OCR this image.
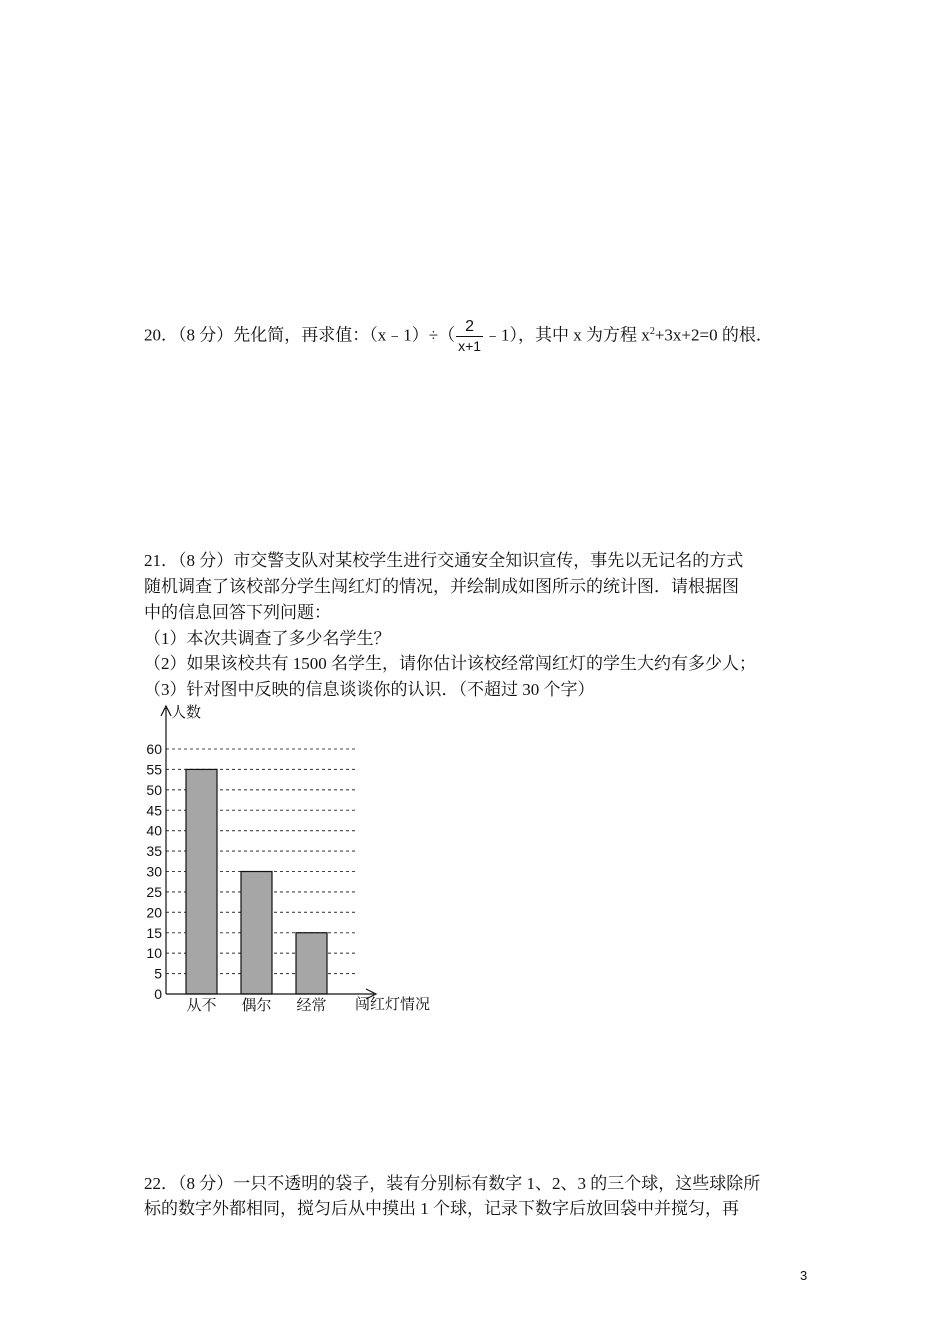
20．（8 分）先化简，再求值：（x﹣1）÷（ $\frac{2}{x+1}$ ﹣1），其中 x 为方程 $x^2+3x+2=0$ 的根．
21．（8 分）市交警支队对某校学生进行交通安全知识宣传，事先以无记名的方式
随机调查了该校部分学生闯红灯的情况，并绘制成如图所示的统计图．请根据图
中的信息回答下列问题：
（1）本次共调查了多少名学生？
（2）如果该校共有 1500 名学生，请你估计该校经常闯红灯的学生大约有多少人；
（3）针对图中反映的信息谈谈你的认识．（不超过 30 个字）
0
5
10
15
20
25
30
35
40
45
50
55
60
从不 偶尔 经常
人数
闯红灯情况
22．（8 分）一只不透明的袋子，装有分别标有数字 1、2、3 的三个球，这些球除所
标的数字外都相同，搅匀后从中摸出 1 个球，记录下数字后放回袋中并搅匀，再
3
